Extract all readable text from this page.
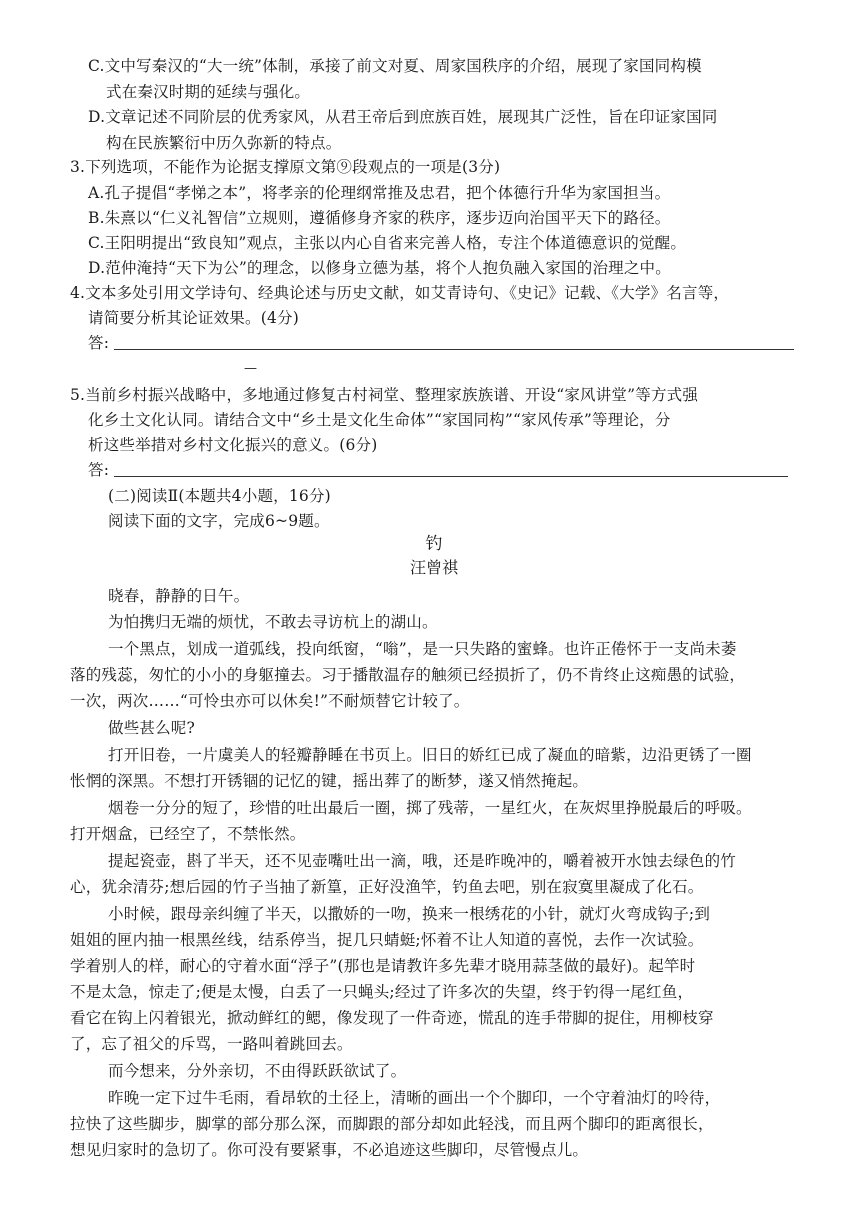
C.文中写秦汉的“大一统”体制，承接了前文对夏、周家国秩序的介绍，展现了家国同构模
式在秦汉时期的延续与强化。
D.文章记述不同阶层的优秀家风，从君王帝后到庶族百姓，展现其广泛性，旨在印证家国同
构在民族繁衍中历久弥新的特点。
3.下列选项，不能作为论据支撑原文第⑨段观点的一项是(3分)
A.孔子提倡“孝悌之本”，将孝亲的伦理纲常推及忠君，把个体德行升华为家国担当。
B.朱熹以“仁义礼智信”立规则，遵循修身齐家的秩序，逐步迈向治国平天下的路径。
C.王阳明提出“致良知”观点，主张以内心自省来完善人格，专注个体道德意识的觉醒。
D.范仲淹持“天下为公”的理念，以修身立德为基，将个人抱负融入家国的治理之中。
4.文本多处引用文学诗句、经典论述与历史文献，如艾青诗句、《史记》记载、《大学》名言等，
请简要分析其论证效果。(4分)
答:
—
5.当前乡村振兴战略中，多地通过修复古村祠堂、整理家族族谱、开设“家风讲堂”等方式强
化乡土文化认同。请结合文中“乡土是文化生命体”“家国同构”“家风传承”等理论，分
析这些举措对乡村文化振兴的意义。(6分)
答:
(二)阅读Ⅱ(本题共4小题，16分)
阅读下面的文字，完成6~9题。
钓
汪曾祺
晓春，静静的日午。
为怕携归无端的烦忧，不敢去寻访杭上的湖山。
一个黑点，划成一道弧线，投向纸窗，“嗡”，是一只失路的蜜蜂。也许正倦怀于一支尚未萎
落的残蕊，匆忙的小小的身躯撞去。习于播散温存的触须已经损折了，仍不肯终止这痴愚的试验，
一次，两次……“可怜虫亦可以休矣!”不耐烦替它计较了。
做些甚么呢?
打开旧卷，一片虞美人的轻瓣静睡在书页上。旧日的娇红已成了凝血的暗紫，边沿更锈了一圈
怅惘的深黑。不想打开锈锢的记忆的键，摇出葬了的断梦，遂又悄然掩起。
烟卷一分分的短了，珍惜的吐出最后一圈，掷了残蒂，一星红火，在灰烬里挣脱最后的呼吸。
打开烟盒，已经空了，不禁怅然。
提起瓷壶，斟了半天，还不见壶嘴吐出一滴，哦，还是昨晚冲的，嚼着被开水蚀去绿色的竹
心，犹余清芬;想后园的竹子当抽了新篁，正好没渔竿，钓鱼去吧，别在寂寞里凝成了化石。
小时候，跟母亲纠缠了半天，以撒娇的一吻，换来一根绣花的小针，就灯火弯成钩子;到
姐姐的匣内抽一根黑丝线，结系停当，捉几只蜻蜓;怀着不让人知道的喜悦，去作一次试验。
学着别人的样，耐心的守着水面“浮子”(那也是请教许多先辈才晓用蒜茎做的最好)。起竿时
不是太急，惊走了;便是太慢，白丢了一只蝇头;经过了许多次的失望，终于钓得一尾红鱼，
看它在钩上闪着银光，掀动鲜红的鳃，像发现了一件奇迹，慌乱的连手带脚的捉住，用柳枝穿
了，忘了祖父的斥骂，一路叫着跳回去。
而今想来，分外亲切，不由得跃跃欲试了。
昨晚一定下过牛毛雨，看昂软的土径上，清晰的画出一个个脚印，一个守着油灯的呤待，
拉快了这些脚步，脚掌的部分那么深，而脚跟的部分却如此轻浅，而且两个脚印的距离很长，
想见归家时的急切了。你可没有要紧事，不必追迹这些脚印，尽管慢点儿。
